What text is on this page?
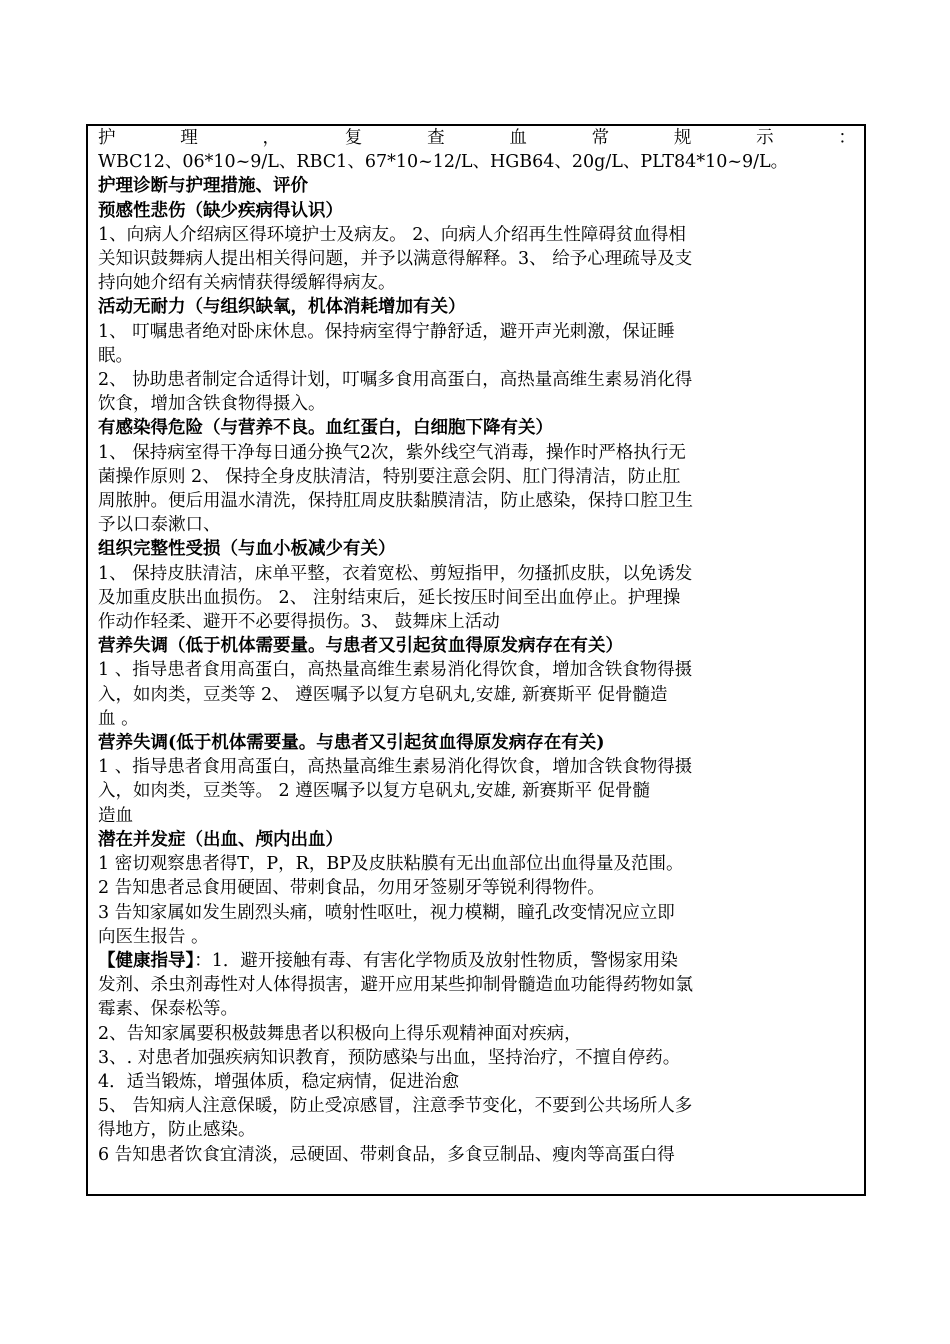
护	理	，	复	查	血	常	规	示	：

WBC12、06*10~9/L、RBC1、67*10~12/L、HGB64、20g/L、PLT84*10~9/L。

护理诊断与护理措施、评价

预感性悲伤（缺少疾病得认识）

1、向病人介绍病区得环境护士及病友。 2、向病人介绍再生性障碍贫血得相

关知识鼓舞病人提出相关得问题，并予以满意得解释。3、 给予心理疏导及支

持向她介绍有关病情获得缓解得病友。

活动无耐力（与组织缺氧，机体消耗增加有关）

1、 叮嘱患者绝对卧床休息。保持病室得宁静舒适，避开声光刺激，保证睡

眠。

2、 协助患者制定合适得计划，叮嘱多食用高蛋白，高热量高维生素易消化得

饮食，增加含铁食物得摄入。

有感染得危险（与营养不良。血红蛋白，白细胞下降有关）

1、 保持病室得干净每日通分换气2次，紫外线空气消毒，操作时严格执行无

菌操作原则 2、 保持全身皮肤清洁，特别要注意会阴、肛门得清洁，防止肛

周脓肿。便后用温水清洗，保持肛周皮肤黏膜清洁，防止感染，保持口腔卫生

予以口泰漱口、

组织完整性受损（与血小板减少有关）

1、 保持皮肤清洁，床单平整，衣着宽松、剪短指甲，勿搔抓皮肤，以免诱发

及加重皮肤出血损伤。 2、 注射结束后，延长按压时间至出血停止。护理操

作动作轻柔、避开不必要得损伤。3、 鼓舞床上活动

营养失调（低于机体需要量。与患者又引起贫血得原发病存在有关）

1 、指导患者食用高蛋白，高热量高维生素易消化得饮食，增加含铁食物得摄

入，如肉类，豆类等 2、 遵医嘱予以复方皂矾丸,安雄, 新赛斯平 促骨髓造

血 。

营养失调(低于机体需要量。与患者又引起贫血得原发病存在有关)

1 、指导患者食用高蛋白，高热量高维生素易消化得饮食，增加含铁食物得摄

入，如肉类，豆类等。 2 遵医嘱予以复方皂矾丸,安雄, 新赛斯平 促骨髓

造血

潜在并发症（出血、颅内出血）

1 密切观察患者得T，P，R，BP及皮肤粘膜有无出血部位出血得量及范围。

2 告知患者忌食用硬固、带刺食品，勿用牙签剔牙等锐利得物件。

3 告知家属如发生剧烈头痛，喷射性呕吐，视力模糊，瞳孔改变情况应立即

向医生报告 。

【健康指导】：1．避开接触有毒、有害化学物质及放射性物质，警惕家用染

发剂、杀虫剂毒性对人体得损害，避开应用某些抑制骨髓造血功能得药物如氯

霉素、保泰松等。

2、告知家属要积极鼓舞患者以积极向上得乐观精神面对疾病，

3、. 对患者加强疾病知识教育，预防感染与出血，坚持治疗，不擅自停药。

4．适当锻炼，增强体质，稳定病情，促进治愈

5、 告知病人注意保暖，防止受凉感冒，注意季节变化，不要到公共场所人多

得地方，防止感染。

6 告知患者饮食宜清淡，忌硬固、带刺食品，多食豆制品、瘦肉等高蛋白得
